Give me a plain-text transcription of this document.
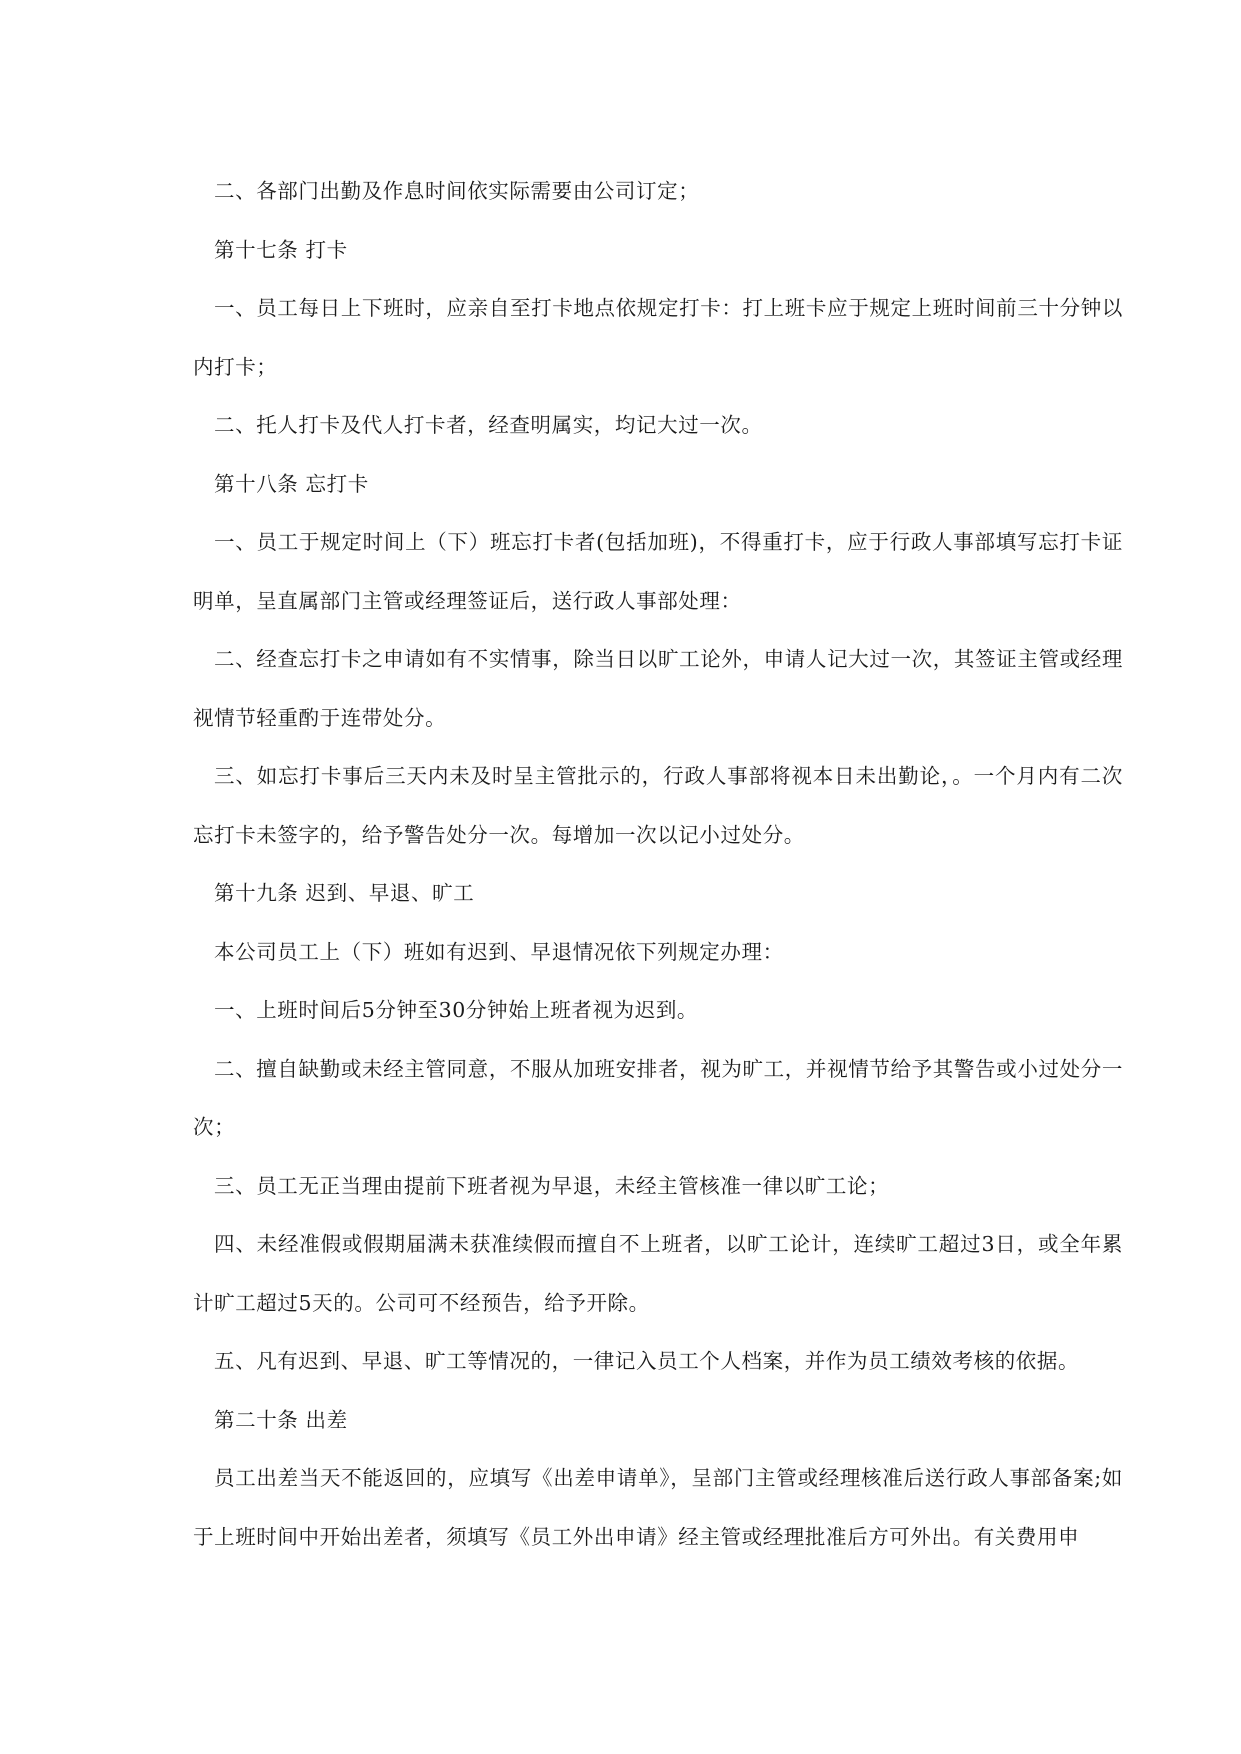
二、各部门出勤及作息时间依实际需要由公司订定；

第十七条 打卡

一、员工每日上下班时，应亲自至打卡地点依规定打卡：打上班卡应于规定上班时间前三十分钟以内打卡；

二、托人打卡及代人打卡者，经查明属实，均记大过一次。

第十八条 忘打卡

一、员工于规定时间上（下）班忘打卡者(包括加班)，不得重打卡，应于行政人事部填写忘打卡证明单，呈直属部门主管或经理签证后，送行政人事部处理：

二、经查忘打卡之申请如有不实情事，除当日以旷工论外，申请人记大过一次，其签证主管或经理视情节轻重酌于连带处分。

三、如忘打卡事后三天内未及时呈主管批示的，行政人事部将视本日未出勤论，。一个月内有二次忘打卡未签字的，给予警告处分一次。每增加一次以记小过处分。

第十九条 迟到、早退、旷工

本公司员工上（下）班如有迟到、早退情况依下列规定办理：

一、上班时间后5分钟至30分钟始上班者视为迟到。

二、擅自缺勤或未经主管同意，不服从加班安排者，视为旷工，并视情节给予其警告或小过处分一次；

三、员工无正当理由提前下班者视为早退，未经主管核准一律以旷工论；

四、未经准假或假期届满未获准续假而擅自不上班者，以旷工论计，连续旷工超过3日，或全年累计旷工超过5天的。公司可不经预告，给予开除。

五、凡有迟到、早退、旷工等情况的，一律记入员工个人档案，并作为员工绩效考核的依据。

第二十条 出差

员工出差当天不能返回的，应填写《出差申请单》，呈部门主管或经理核准后送行政人事部备案;如于上班时间中开始出差者，须填写《员工外出申请》经主管或经理批准后方可外出。有关费用申
